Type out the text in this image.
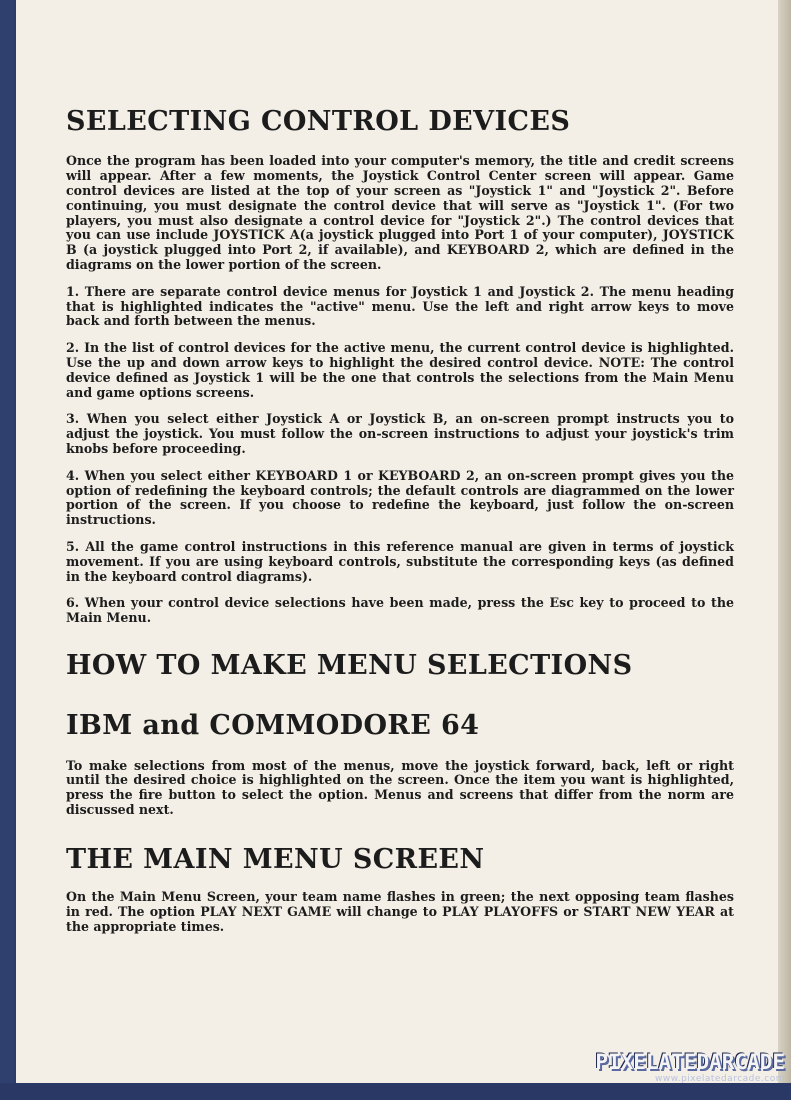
SELECTING CONTROL DEVICES

Once the program has been loaded into your computer's memory, the title and credit screens will appear. After a few moments, the Joystick Control Center screen will appear. Game control devices are listed at the top of your screen as "Joystick 1" and "Joystick 2". Before continuing, you must designate the control device that will serve as "Joystick 1". (For two players, you must also designate a control device for "Joystick 2".) The control devices that you can use include JOYSTICK A(a joystick plugged into Port 1 of your computer), JOYSTICK B (a joystick plugged into Port 2, if available), and KEYBOARD 2, which are defined in the diagrams on the lower portion of the screen.

1. There are separate control device menus for Joystick 1 and Joystick 2. The menu heading that is highlighted indicates the "active" menu. Use the left and right arrow keys to move back and forth between the menus.

2. In the list of control devices for the active menu, the current control device is highlighted. Use the up and down arrow keys to highlight the desired control device. NOTE: The control device defined as Joystick 1 will be the one that controls the selections from the Main Menu and game options screens.

3. When you select either Joystick A or Joystick B, an on-screen prompt instructs you to adjust the joystick. You must follow the on-screen instructions to adjust your joystick's trim knobs before proceeding.

4. When you select either KEYBOARD 1 or KEYBOARD 2, an on-screen prompt gives you the option of redefining the keyboard controls; the default controls are diagrammed on the lower portion of the screen. If you choose to redefine the keyboard, just follow the on-screen instructions.

5. All the game control instructions in this reference manual are given in terms of joystick movement. If you are using keyboard controls, substitute the corresponding keys (as defined in the keyboard control diagrams).

6. When your control device selections have been made, press the Esc key to proceed to the Main Menu.

HOW TO MAKE MENU SELECTIONS
IBM and COMMODORE 64

To make selections from most of the menus, move the joystick forward, back, left or right until the desired choice is highlighted on the screen. Once the item you want is highlighted, press the fire button to select the option. Menus and screens that differ from the norm are discussed next.

THE MAIN MENU SCREEN

On the Main Menu Screen, your team name flashes in green; the next opposing team flashes in red. The option PLAY NEXT GAME will change to PLAY PLAYOFFS or START NEW YEAR at the appropriate times.

PIXELATEDARCADE
www.pixelatedarcade.com
